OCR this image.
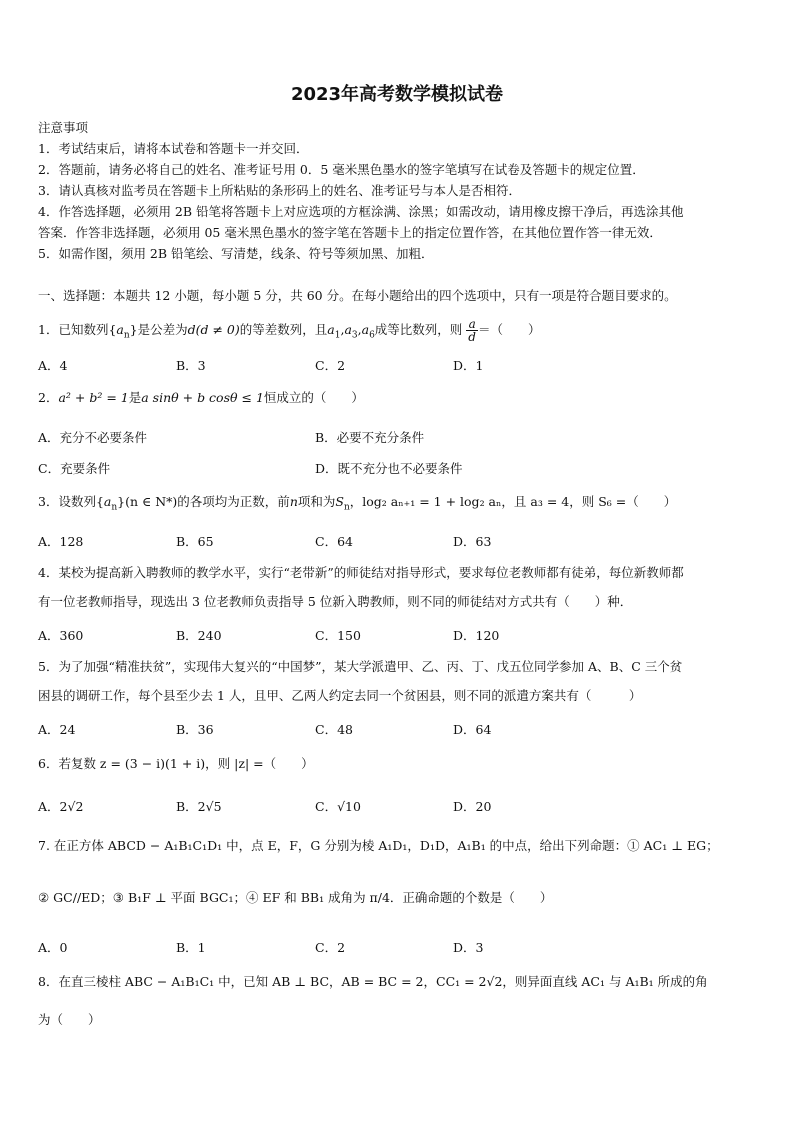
2023年高考数学模拟试卷
注意事项
1．考试结束后，请将本试卷和答题卡一并交回．
2．答题前，请务必将自己的姓名、准考证号用 0．5 毫米黑色墨水的签字笔填写在试卷及答题卡的规定位置．
3．请认真核对监考员在答题卡上所粘贴的条形码上的姓名、准考证号与本人是否相符．
4．作答选择题，必须用 2B 铅笔将答题卡上对应选项的方框涂满、涂黑；如需改动，请用橡皮擦干净后，再选涂其他
答案．作答非选择题，必须用 05 毫米黑色墨水的签字笔在答题卡上的指定位置作答，在其他位置作答一律无效．
5．如需作图，须用 2B 铅笔绘、写清楚，线条、符号等须加黑、加粗．
一、选择题：本题共 12 小题，每小题 5 分，共 60 分。在每小题给出的四个选项中，只有一项是符合题目要求的。
1．已知数列$\{a_n\}$是公差为d(d ≠ 0)的等差数列，且$a_1,a_3,a_6$成等比数列，则 $\frac{a}{d}$ ＝（　　）
A．4	B．3	C．2	D．1
2．a² + b² = 1是a sinθ + b cosθ ≤ 1恒成立的（　　）
A．充分不必要条件	B．必要不充分条件
C．充要条件	D．既不充分也不必要条件
3．设数列$\{a_n\}(n$ ∈ N*)的各项均为正数，前n项和为$S_n$，log₂ aₙ₊₁ = 1 + log₂ aₙ，且 a₃ = 4，则 S₆ =（　　）
A．128	B．65	C．64	D．63
4．某校为提高新入聘教师的教学水平，实行“老带新”的师徒结对指导形式，要求每位老教师都有徒弟，每位新教师都
有一位老教师指导，现选出 3 位老教师负责指导 5 位新入聘教师，则不同的师徒结对方式共有（　　）种．
A．360	B．240	C．150	D．120
5．为了加强“精准扶贫”，实现伟大复兴的“中国梦”，某大学派遣甲、乙、丙、丁、戊五位同学参加 A、B、C 三个贫
困县的调研工作，每个县至少去 1 人，且甲、乙两人约定去同一个贫困县，则不同的派遣方案共有（　　　）
A．24	B．36	C．48	D．64
6．若复数 z = (3 − i)(1 + i)，则 |z| =（　　）
A．2√2	B．2√5	C．√10	D．20
7. 在正方体 ABCD − A₁B₁C₁D₁ 中，点 E，F，G 分别为棱 A₁D₁，D₁D，A₁B₁ 的中点，给出下列命题：① AC₁ ⊥ EG；
② GC//ED；③ B₁F ⊥ 平面 BGC₁；④ EF 和 BB₁ 成角为 π/4．正确命题的个数是（　　）
A．0	B．1	C．2	D．3
8．在直三棱柱 ABC − A₁B₁C₁ 中，已知 AB ⊥ BC，AB = BC = 2，CC₁ = 2√2，则异面直线 AC₁ 与 A₁B₁ 所成的角
为（　　）
